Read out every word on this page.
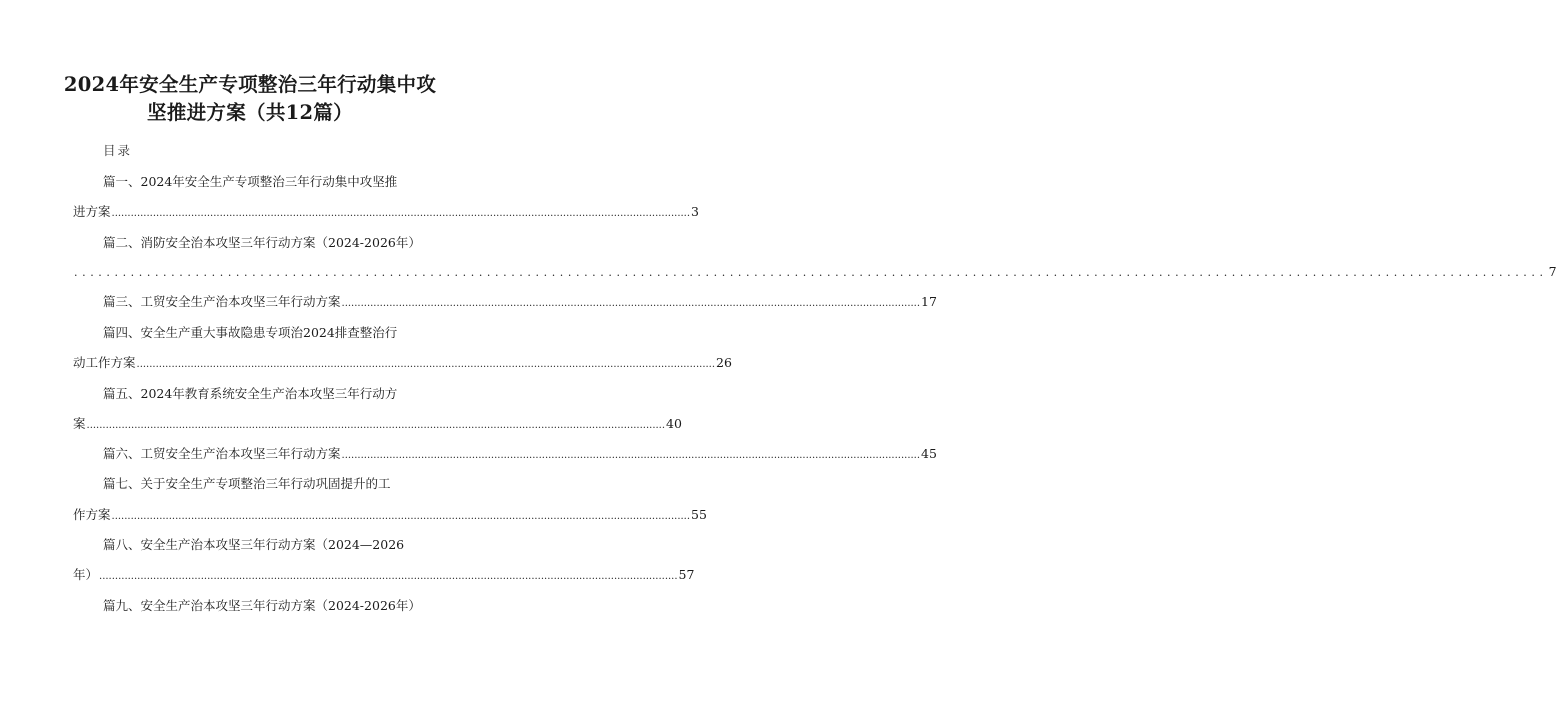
2024年安全生产专项整治三年行动集中攻
坚推进方案（共12篇）
目录
篇一、2024年安全生产专项整治三年行动集中攻坚推
进方案 ...................................................................................................................................................................................... 3
篇二、消防安全治本攻坚三年行动方案（2024-2026年）
...................................................................................................................................................................................... 7
篇三、工贸安全生产治本攻坚三年行动方案 ...................................................................................................................................................................................... 17
篇四、安全生产重大事故隐患专项治2024排查整治行
动工作方案 ...................................................................................................................................................................................... 26
篇五、2024年教育系统安全生产治本攻坚三年行动方
案 ...................................................................................................................................................................................... 40
篇六、工贸安全生产治本攻坚三年行动方案 ...................................................................................................................................................................................... 45
篇七、关于安全生产专项整治三年行动巩固提升的工
作方案 ...................................................................................................................................................................................... 55
篇八、安全生产治本攻坚三年行动方案（2024—2026
年） ...................................................................................................................................................................................... 57
篇九、安全生产治本攻坚三年行动方案（2024-2026年）
